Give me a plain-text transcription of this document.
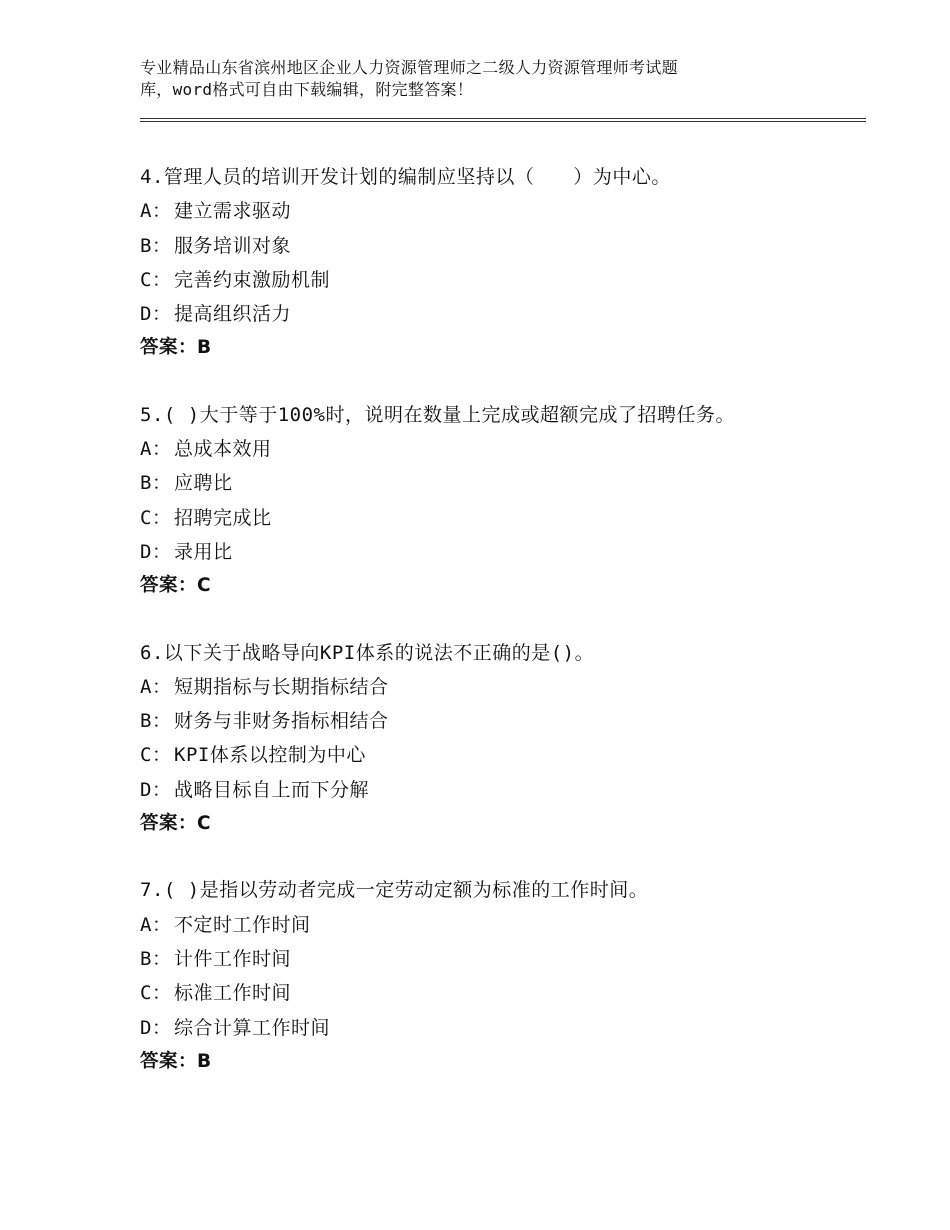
专业精品山东省滨州地区企业人力资源管理师之二级人力资源管理师考试题
库，word格式可自由下载编辑，附完整答案！
4.管理人员的培训开发计划的编制应坚持以（　　）为中心。
A： 建立需求驱动
B： 服务培训对象
C： 完善约束激励机制
D： 提高组织活力
答案：B
5.( )大于等于100%时，说明在数量上完成或超额完成了招聘任务。
A： 总成本效用
B： 应聘比
C： 招聘完成比
D： 录用比
答案：C
6.以下关于战略导向KPI体系的说法不正确的是()。
A： 短期指标与长期指标结合
B： 财务与非财务指标相结合
C： KPI体系以控制为中心
D： 战略目标自上而下分解
答案：C
7.( )是指以劳动者完成一定劳动定额为标准的工作时间。
A： 不定时工作时间
B： 计件工作时间
C： 标准工作时间
D： 综合计算工作时间
答案：B
